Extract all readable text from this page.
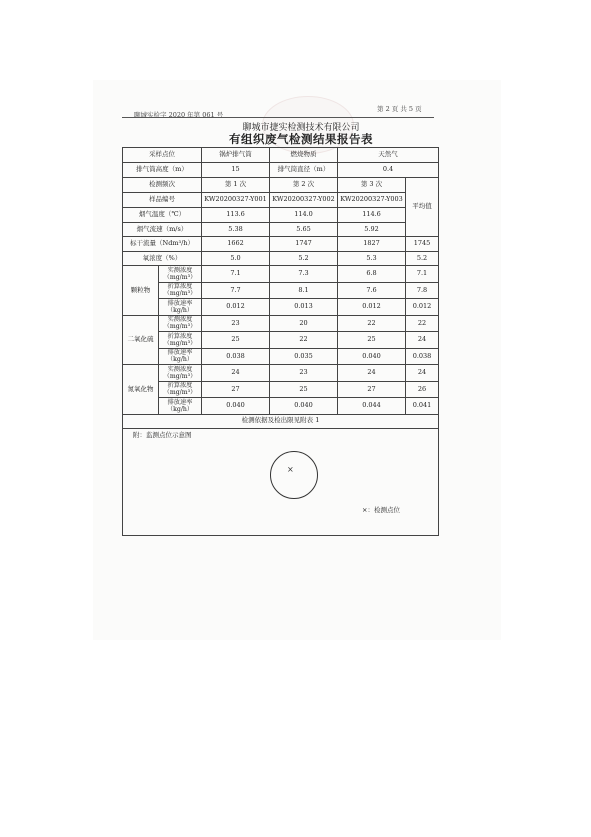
聊城实检字 2020 年第 061 号
第 2 页 共 5 页
聊城市捷实检测技术有限公司
有组织废气检测结果报告表
采样点位		锅炉排气筒	燃烧物质	天然气	
排气筒高度（m）		15	排气筒直径（m）	0.4	
检测频次		第 1 次	第 2 次	第 3 次	平均值
样品编号		KW20200327-Y001	KW20200327-Y002	KW20200327-Y003	
烟气温度（℃）		113.6	114.0	114.6	
烟气流速（m/s）		5.38	5.65	5.92	
标干流量（Ndm³/h）		1662	1747	1827	1745
氧浓度（%）		5.0	5.2	5.3	5.2
颗粒物	实测浓度（mg/m³）	7.1	7.3	6.8	7.1
	折算浓度（mg/m³）	7.7	8.1	7.6	7.8
	排放速率（kg/h）	0.012	0.013	0.012	0.012
二氧化硫	实测浓度（mg/m³）	23	20	22	22
	折算浓度（mg/m³）	25	22	25	24
	排放速率（kg/h）	0.038	0.035	0.040	0.038
氮氧化物	实测浓度（mg/m³）	24	23	24	24
	折算浓度（mg/m³）	27	25	27	26
	排放速率（kg/h）	0.040	0.040	0.044	0.041
检测依据及检出限见附表 1					

附：监测点位示意图
×
×：检测点位					
